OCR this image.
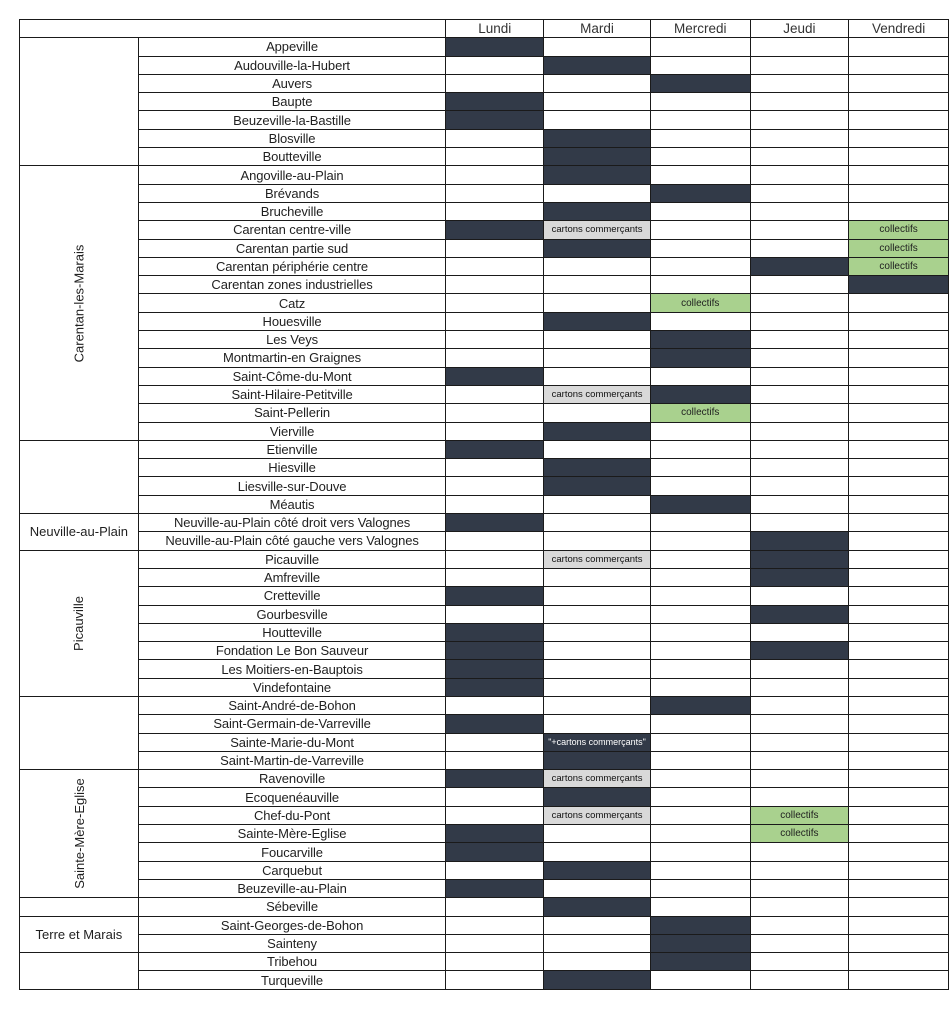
		Lundi	Mardi	Mercredi	Jeudi	Vendredi
	Appeville					
	Audouville-la-Hubert					
	Auvers					
	Baupte					
	Beuzeville-la-Bastille					
	Blosville					
	Boutteville					
Carentan-les-Marais	Angoville-au-Plain					
	Brévands					
	Brucheville					
	Carentan centre-ville		cartons commerçants			collectifs
	Carentan partie sud					collectifs
	Carentan périphérie centre					collectifs
	Carentan zones industrielles					
	Catz			collectifs		
	Houesville					
	Les Veys					
	Montmartin-en Graignes					
	Saint-Côme-du-Mont					
	Saint-Hilaire-Petitville		cartons commerçants			
	Saint-Pellerin			collectifs		
	Vierville					
	Etienville					
	Hiesville					
	Liesville-sur-Douve					
	Méautis					
Neuville-au-Plain	Neuville-au-Plain côté droit vers Valognes					
	Neuville-au-Plain côté gauche vers Valognes					
Picauville	Picauville		cartons commerçants			
	Amfreville					
	Cretteville					
	Gourbesville					
	Houtteville					
	Fondation Le Bon Sauveur					
	Les Moitiers-en-Bauptois					
	Vindefontaine					
	Saint-André-de-Bohon					
	Saint-Germain-de-Varreville					
	Sainte-Marie-du-Mont		"+cartons commerçants"			
	Saint-Martin-de-Varreville					
Sainte-Mère-Eglise	Ravenoville		cartons commerçants			
	Ecoquenéauville					
	Chef-du-Pont		cartons commerçants		collectifs	
	Sainte-Mère-Eglise				collectifs	
	Foucarville					
	Carquebut					
	Beuzeville-au-Plain					
	Sébeville					
Terre et Marais	Saint-Georges-de-Bohon					
	Sainteny					
	Tribehou					
	Turqueville					
